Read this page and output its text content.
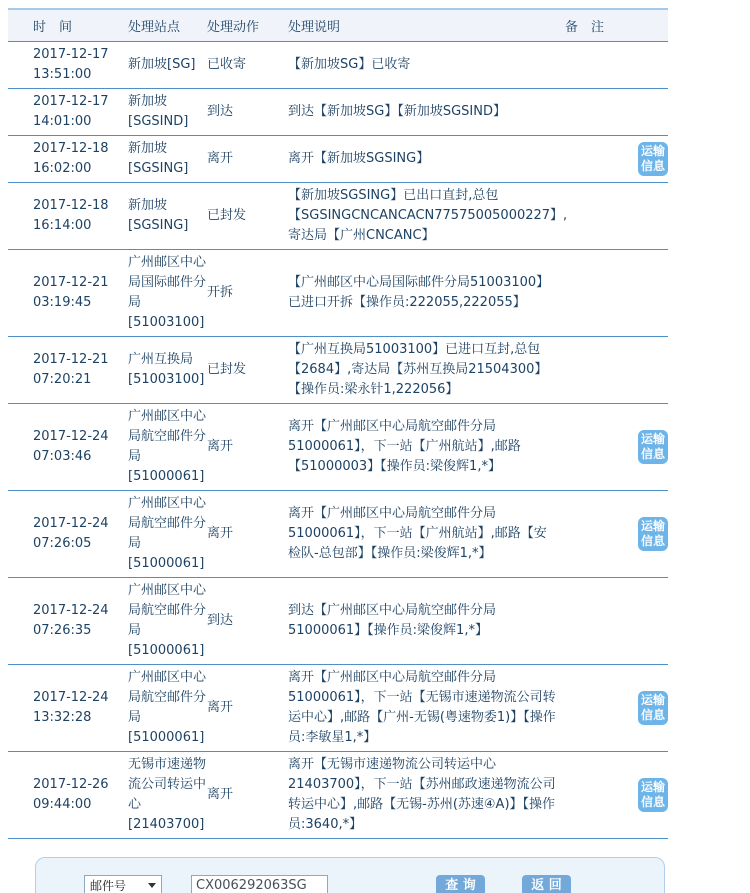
时　间	处理站点	处理动作	处理说明	备　注
2017-12-17 13:51:00	新加坡[SG]	已收寄	【新加坡SG】已收寄	
2017-12-17 14:01:00	新加坡[SGSIND]	到达	到达【新加坡SG】【新加坡SGSIND】	
2017-12-18 16:02:00	新加坡[SGSING]	离开	离开【新加坡SGSING】	运输信息
2017-12-18 16:14:00	新加坡[SGSING]	已封发	【新加坡SGSING】已出口直封,总包【SGSINGCNCANCACN77575005000227】, 寄达局【广州CNCANC】	
2017-12-21 03:19:45	广州邮区中心局国际邮件分局[51003100]	开拆	【广州邮区中心局国际邮件分局51003100】已进口开拆【操作员:222055,222055】	
2017-12-21 07:20:21	广州互换局[51003100]	已封发	【广州互换局51003100】已进口互封,总包【2684】,寄达局【苏州互换局21504300】【操作员:梁永针1,222056】	
2017-12-24 07:03:46	广州邮区中心局航空邮件分局[51000061]	离开	离开【广州邮区中心局航空邮件分局51000061】，下一站【广州航站】,邮路【51000003】【操作员:梁俊辉1,*】	运输信息
2017-12-24 07:26:05	广州邮区中心局航空邮件分局[51000061]	离开	离开【广州邮区中心局航空邮件分局51000061】，下一站【广州航站】,邮路【安检队-总包部】【操作员:梁俊辉1,*】	运输信息
2017-12-24 07:26:35	广州邮区中心局航空邮件分局[51000061]	到达	到达【广州邮区中心局航空邮件分局51000061】【操作员:梁俊辉1,*】	
2017-12-24 13:32:28	广州邮区中心局航空邮件分局[51000061]	离开	离开【广州邮区中心局航空邮件分局51000061】，下一站【无锡市速递物流公司转运中心】,邮路【广州-无锡(粤速物委1)】【操作员:李敏星1,*】	运输信息
2017-12-26 09:44:00	无锡市速递物流公司转运中心[21403700]	离开	离开【无锡市速递物流公司转运中心21403700】，下一站【苏州邮政速递物流公司转运中心】,邮路【无锡-苏州(苏速④A)】【操作员:3640,*】	运输信息
邮件号
CX006292063SG	查 询	返 回
